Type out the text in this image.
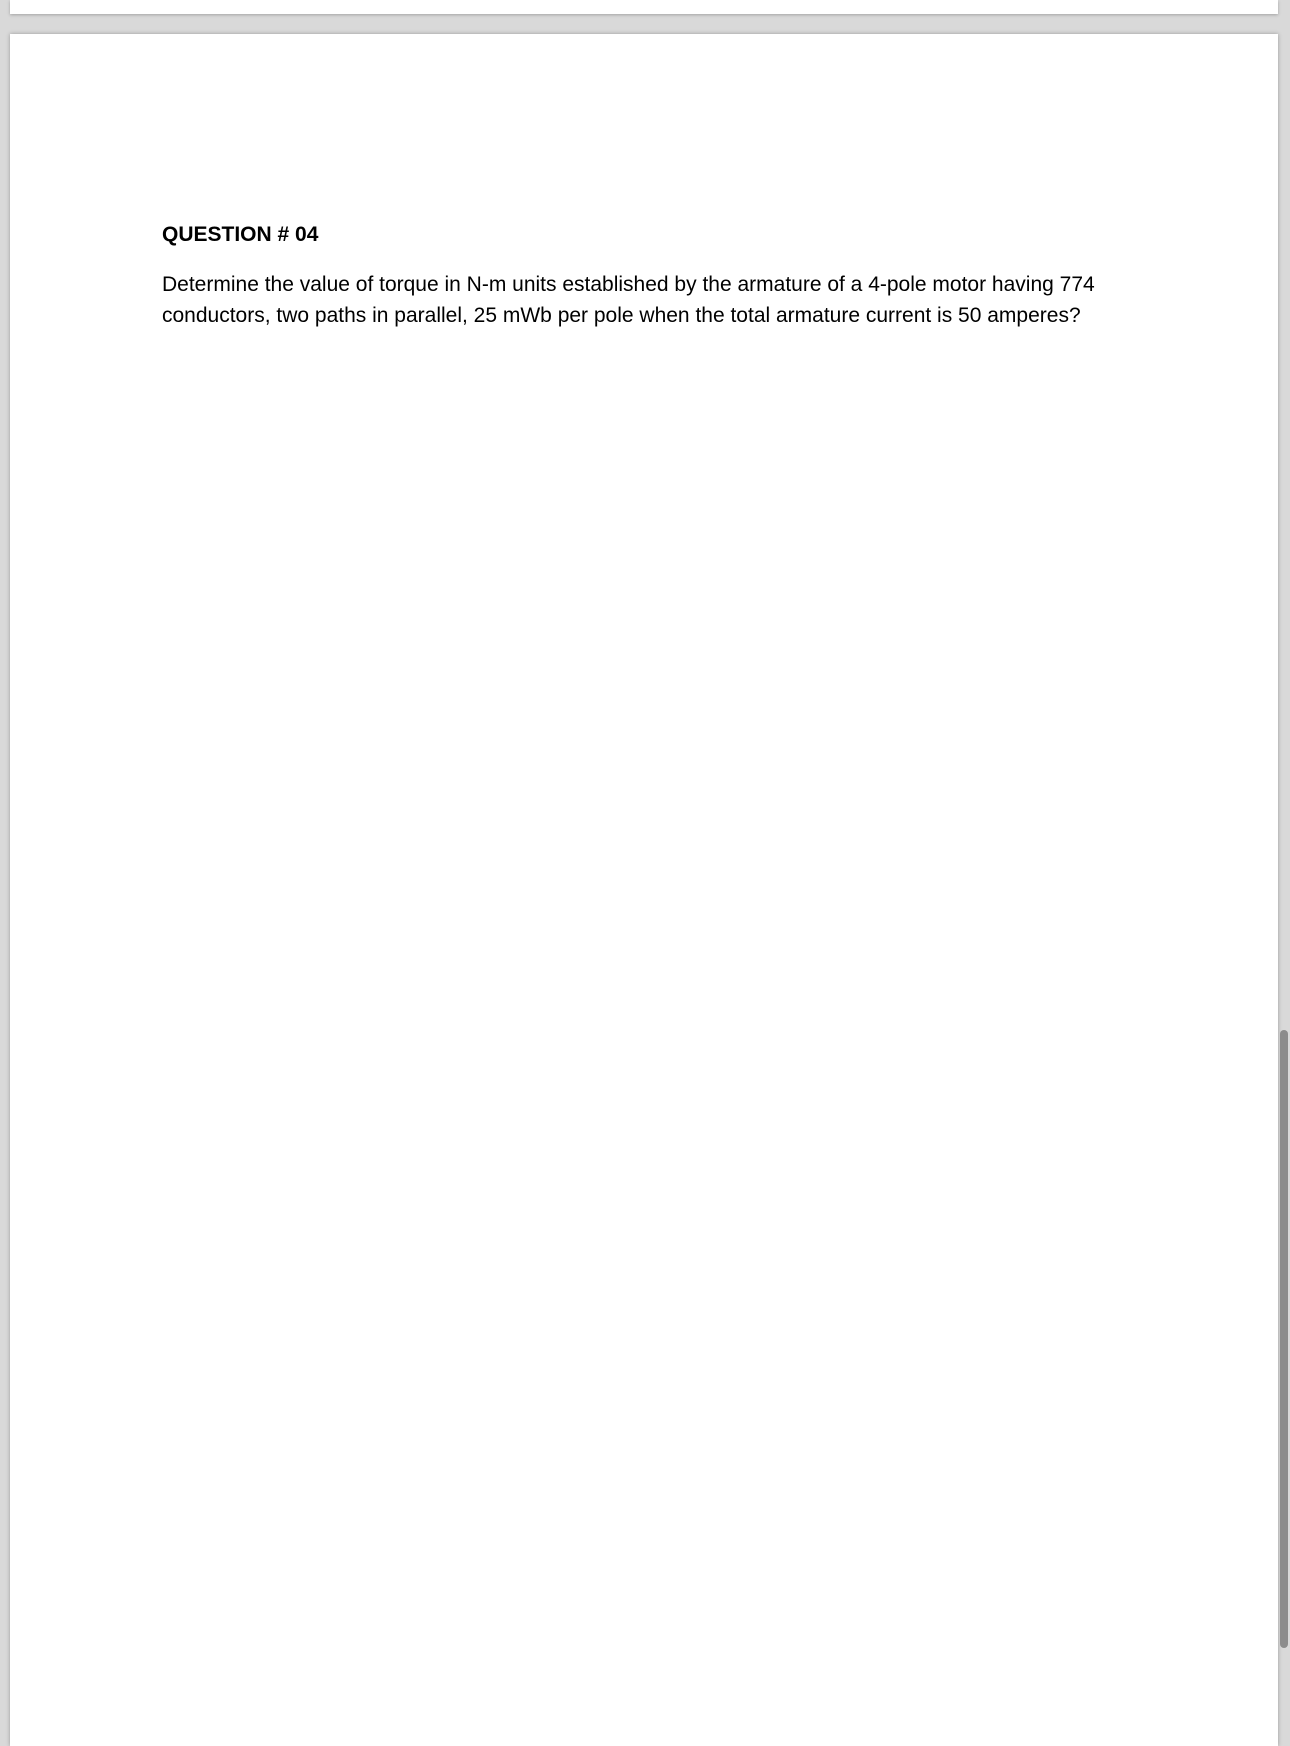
QUESTION # 04

Determine the value of torque in N-m units established by the armature of a 4-pole motor having 774 conductors, two paths in parallel, 25 mWb per pole when the total armature current is 50 amperes?
